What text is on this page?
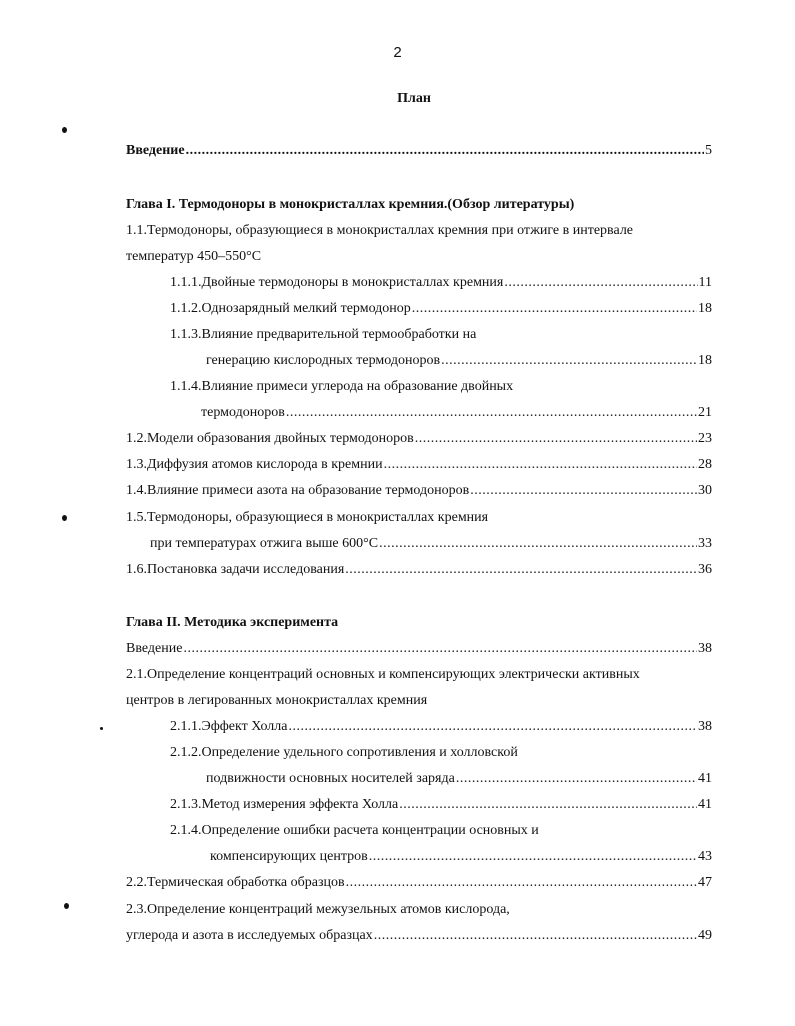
2
План
Введение .....	5
Глава I. Термодоноры в монокристаллах кремния.(Обзор литературы)
1.1.Термодоноры, образующиеся в монокристаллах кремния при отжиге в интервале
температур 450–550°С
1.1.1.Двойные термодоноры в монокристаллах кремния .....	11
1.1.2.Однозарядный мелкий термодонор .....	18
1.1.3.Влияние предварительной термообработки на
генерацию кислородных термодоноров .....	18
1.1.4.Влияние примеси углерода на образование двойных
термодоноров .....	21
1.2.Модели образования двойных термодоноров .....	23
1.3.Диффузия атомов кислорода в кремнии .....	28
1.4.Влияние примеси азота на образование термодоноров .....	30
1.5.Термодоноры, образующиеся в монокристаллах кремния
при температурах отжига выше 600°С .....	33
1.6.Постановка задачи исследования .....	36
Глава II. Методика эксперимента
Введение .....	38
2.1.Определение концентраций основных и компенсирующих электрически активных
центров в легированных монокристаллах кремния
2.1.1.Эффект Холла .....	38
2.1.2.Определение удельного сопротивления и холловской
подвижности основных носителей заряда .....	41
2.1.3.Метод измерения эффекта Холла .....	41
2.1.4.Определение ошибки расчета концентрации основных и
компенсирующих центров .....	43
2.2.Термическая обработка образцов .....	47
2.3.Определение концентраций межузельных атомов кислорода,
углерода и азота в исследуемых образцах .....	49
